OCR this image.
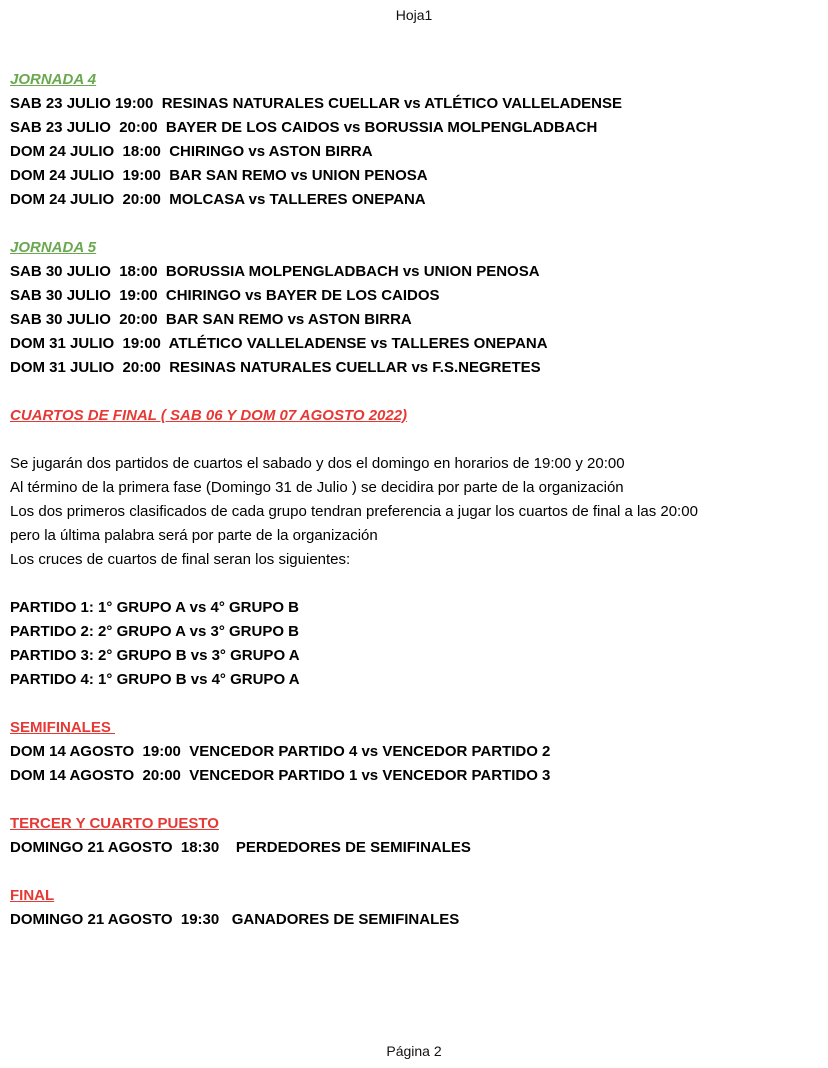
Hoja1
JORNADA 4
SAB 23 JULIO 19:00  RESINAS NATURALES CUELLAR vs ATLÉTICO VALLELADENSE
SAB 23 JULIO  20:00  BAYER DE LOS CAIDOS vs BORUSSIA MOLPENGLADBACH
DOM 24 JULIO  18:00  CHIRINGO vs ASTON BIRRA
DOM 24 JULIO  19:00  BAR SAN REMO vs UNION PENOSA
DOM 24 JULIO  20:00  MOLCASA vs TALLERES ONEPANA
JORNADA 5
SAB 30 JULIO  18:00  BORUSSIA MOLPENGLADBACH vs UNION PENOSA
SAB 30 JULIO  19:00  CHIRINGO vs BAYER DE LOS CAIDOS
SAB 30 JULIO  20:00  BAR SAN REMO vs ASTON BIRRA
DOM 31 JULIO  19:00  ATLÉTICO VALLELADENSE vs TALLERES ONEPANA
DOM 31 JULIO  20:00  RESINAS NATURALES CUELLAR vs F.S.NEGRETES
CUARTOS DE FINAL ( SAB 06 Y DOM 07 AGOSTO 2022)
Se jugarán dos partidos de cuartos el sabado y dos el domingo en horarios de 19:00 y 20:00
Al término de la primera fase (Domingo 31 de Julio ) se decidira por parte de la organización
Los dos primeros clasificados de cada grupo tendran preferencia a jugar los cuartos de final a las 20:00
pero la última palabra será por parte de la organización
Los cruces de cuartos de final seran los siguientes:
PARTIDO 1: 1° GRUPO A vs 4° GRUPO B
PARTIDO 2: 2° GRUPO A vs 3° GRUPO B
PARTIDO 3: 2° GRUPO B vs 3° GRUPO A
PARTIDO 4: 1° GRUPO B vs 4° GRUPO A
SEMIFINALES
DOM 14 AGOSTO  19:00  VENCEDOR PARTIDO 4 vs VENCEDOR PARTIDO 2
DOM 14 AGOSTO  20:00  VENCEDOR PARTIDO 1 vs VENCEDOR PARTIDO 3
TERCER Y CUARTO PUESTO
DOMINGO 21 AGOSTO  18:30    PERDEDORES DE SEMIFINALES
FINAL
DOMINGO 21 AGOSTO  19:30   GANADORES DE SEMIFINALES
Página 2
